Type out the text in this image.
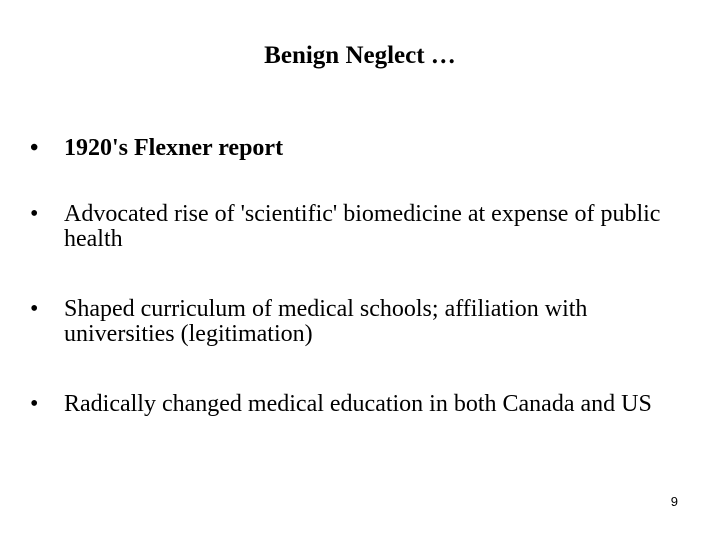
Benign Neglect …
•	1920's Flexner report
•	Advocated rise of 'scientific' biomedicine at expense of public health
•	Shaped curriculum of medical schools; affiliation with universities (legitimation)
•	Radically changed medical education in both Canada and US
9
